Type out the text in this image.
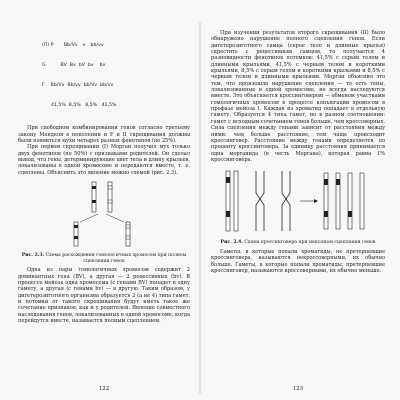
(П) P       Bb/Vv   ×   bb/vv

G          BV  Bv  bV  bv    bv

F    Bb/Vv  Bb/vv  bb/Vv  bb/vv

41,5%  8,5%   8,5%   41,5%

При свободном комбинировании генов согласно третьему закону Менделя в поколении и F и II скрещивания должны были появиться мухи четырех разных фенотипов (по 25%).

При первом скрещивании (I) Морган получил мух только двух фенотипов (по 50%) с признаками родителей. Он сделал вывод, что гены, детерминирующие цвет тела и длину крыльев, локализованы в одной хромосоме и передаются вместе, т. е. сцеплены. Объяснить это явление можно схемой (рис. 2.3).

Рис. 2.3. Схема расхождения гомологичных хромосом при полном сцеплении генов

Одна из пары гомологичных хромосом содержит 2 доминантных гена (BV), а другая — 2 рецессивных (bv). В процессе мейоза одна хромосома (с генами BV) попадет в одну гамету, а другая (с генами bv) — в другую. Таким образом, у дигетерозиготного организма образуется 2 (а не 4) типа гамет, и потомки от такого скрещивания будут иметь такое же сочетание признаков, как и у родителей. Явление совместного наследования генов, локализованных в одной хромосоме, когда перейдутся вместе, называется полным сцеплением.

122

При изучении результатов второго скрещивания (II) было обнаружено нарушение полного сцепления генов. Если дигетерозиготного самца (серое тело и длинные крылья) скрестить с рецессивным самцом, то получается 4 разновидности фенотипов потомков: 41,5% с серым телом и длинными крыльями, 41,5% с черным телом и короткими крыльями, 8,5% с серым телом и короткими крыльями и 8,5% с черным телом и длинными крыльями. Морган объяснил это тем, что произошло нарушение сцепления — то есть гены, локализованные в одной хромосоме, не всегда наследуются вместе. Это объясняется кроссинговером — обменом участками гомологичных хромосом в процессе конъюгации хромосом в профазе мейоза I. Каждая из хроматид попадает в отдельную гамету. Образуется 4 типа гамет, но в разном соотношении: гамет с исходным сочетанием генов больше, чем кроссоверных. Сила сцепления между генами зависит от расстояния между ними: чем больше расстояние, тем чаще происходит кроссинговер. Расстояние между генами определяется по проценту кроссинговера. За единицу расстояния принимается одна морганида (в честь Моргана), которая равна 1% кроссинговера.

Рис. 2.4. Схема кроссинговера при неполном сцеплении генов

Гаметы, в которые попали хроматиды, не претерпевшие кроссинговера, называются некроссоверными, их обычно больше. Гаметы, в которые попали хроматиды, претерпевшие кроссинговер, называются кроссоверными, их обычно меньше.

123
